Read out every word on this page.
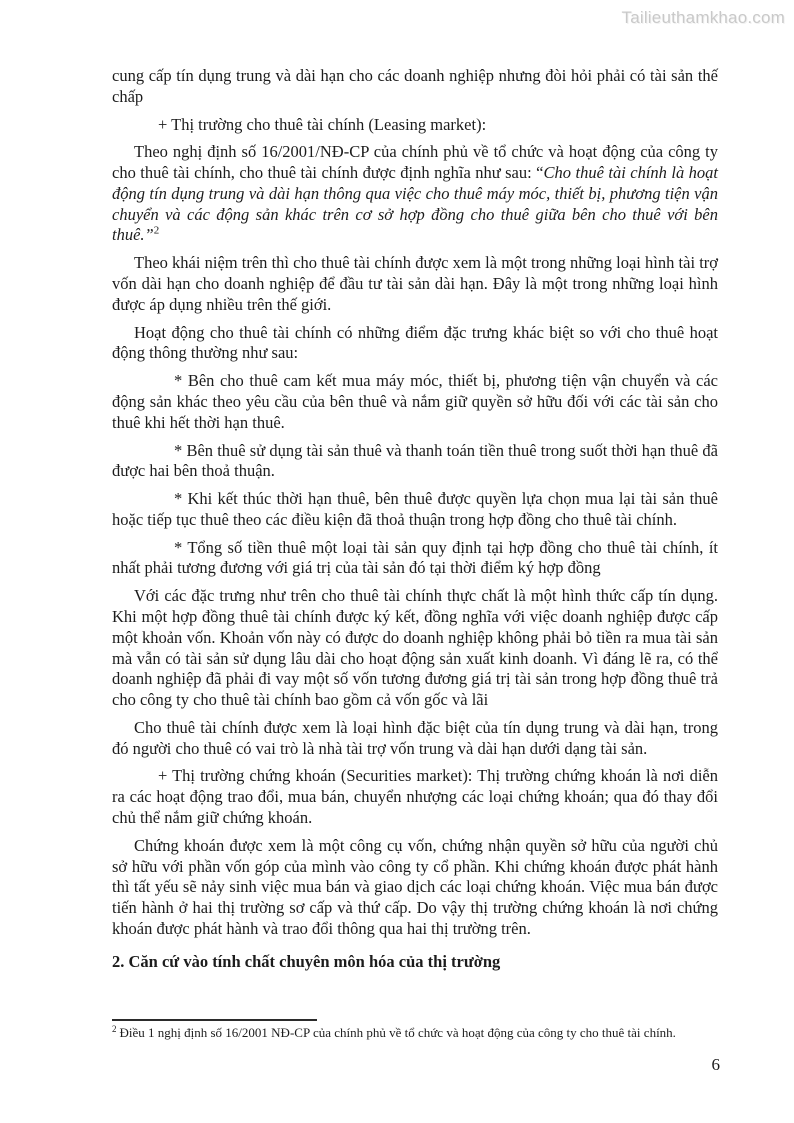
Tailieuthamkhao.com

cung cấp tín dụng trung và dài hạn cho các doanh nghiệp nhưng đòi hỏi phải có tài sản thế chấp

+ Thị trường cho thuê tài chính (Leasing market):

Theo nghị định số 16/2001/NĐ-CP của chính phủ về tổ chức và hoạt động của công ty cho thuê tài chính, cho thuê tài chính được định nghĩa như sau: “Cho thuê tài chính là hoạt động tín dụng trung và dài hạn thông qua việc cho thuê máy móc, thiết bị, phương tiện vận chuyển và các động sản khác trên cơ sở hợp đồng cho thuê giữa bên cho thuê với bên thuê.”$^2$

Theo khái niệm trên thì cho thuê tài chính được xem là một trong những loại hình tài trợ vốn dài hạn cho doanh nghiệp để đầu tư tài sản dài hạn. Đây là một trong những loại hình được áp dụng nhiều trên thế giới.

Hoạt động cho thuê tài chính có những điểm đặc trưng khác biệt so với cho thuê hoạt động thông thường như sau:

* Bên cho thuê cam kết mua máy móc, thiết bị, phương tiện vận chuyển và các động sản khác theo yêu cầu của bên thuê và nắm giữ quyền sở hữu đối với các tài sản cho thuê khi hết thời hạn thuê.

* Bên thuê sử dụng tài sản thuê và thanh toán tiền thuê trong suốt thời hạn thuê đã được hai bên thoả thuận.

* Khi kết thúc thời hạn thuê, bên thuê được quyền lựa chọn mua lại tài sản thuê hoặc tiếp tục thuê theo các điều kiện đã thoả thuận trong hợp đồng cho thuê tài chính.

* Tổng số tiền thuê một loại tài sản quy định tại hợp đồng cho thuê tài chính, ít nhất phải tương đương với giá trị của tài sản đó tại thời điểm ký hợp đồng

Với các đặc trưng như trên cho thuê tài chính thực chất là một hình thức cấp tín dụng. Khi một hợp đồng thuê tài chính được ký kết, đồng nghĩa với việc doanh nghiệp được cấp một khoản vốn. Khoản vốn này có được do doanh nghiệp không phải bỏ tiền ra mua tài sản mà vẫn có tài sản sử dụng lâu dài cho hoạt động sản xuất kinh doanh. Vì đáng lẽ ra, có thể doanh nghiệp đã phải đi vay một số vốn tương đương giá trị tài sản trong hợp đồng thuê trả cho công ty cho thuê tài chính bao gồm cả vốn gốc và lãi

Cho thuê tài chính được xem là loại hình đặc biệt của tín dụng trung và dài hạn, trong đó người cho thuê có vai trò là nhà tài trợ vốn trung và dài hạn dưới dạng tài sản.

+ Thị trường chứng khoán (Securities market): Thị trường chứng khoán là nơi diễn ra các hoạt động trao đổi, mua bán, chuyển nhượng các loại chứng khoán; qua đó thay đổi chủ thể nắm giữ chứng khoán.

Chứng khoán được xem là một công cụ vốn, chứng nhận quyền sở hữu của người chủ sở hữu với phần vốn góp của mình vào công ty cổ phần. Khi chứng khoán được phát hành thì tất yếu sẽ nảy sinh việc mua bán và giao dịch các loại chứng khoán. Việc mua bán được tiến hành ở hai thị trường sơ cấp và thứ cấp. Do vậy thị trường chứng khoán là nơi chứng khoán được phát hành và trao đổi thông qua hai thị trường trên.

2. Căn cứ vào tính chất chuyên môn hóa của thị trường

$^2$ Điều 1 nghị định số 16/2001 NĐ-CP của chính phủ về tổ chức và hoạt động của công ty cho thuê tài chính.
6
